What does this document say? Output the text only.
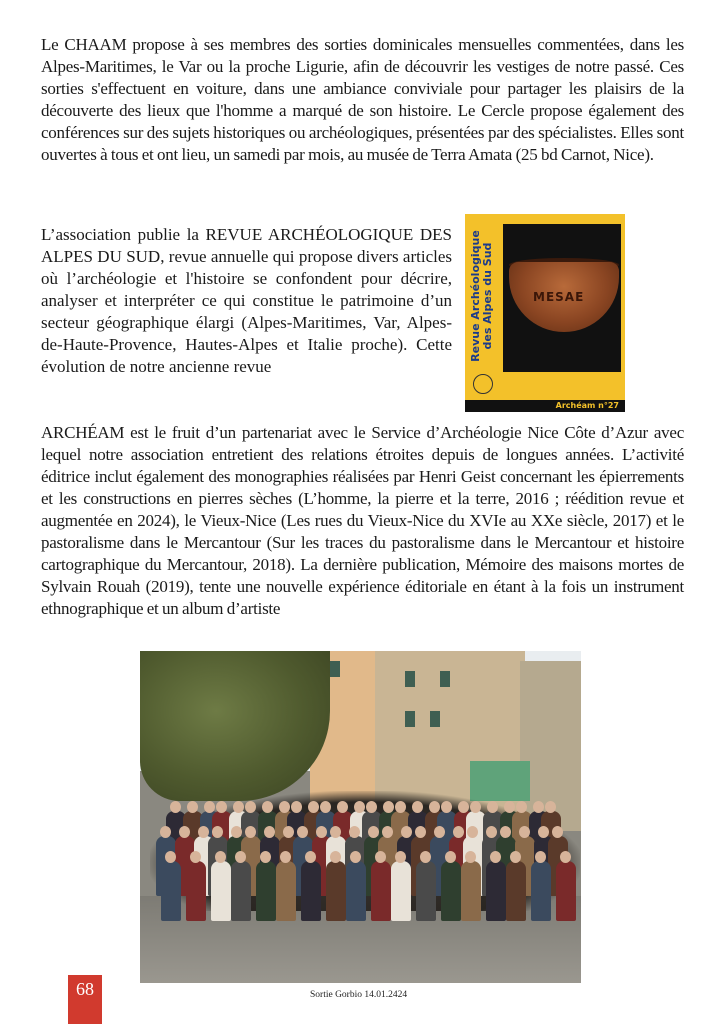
Le CHAAM propose à ses membres des sorties dominicales mensuelles commentées, dans les Alpes-Maritimes, le Var ou la proche Ligurie, afin de découvrir les vestiges de notre passé. Ces sorties s'effectuent en voiture, dans une ambiance conviviale pour partager les plaisirs de la découverte des lieux que l'homme a marqué de son histoire. Le Cercle propose également des conférences sur des sujets historiques ou archéologiques, présentées par des spécialistes. Elles sont ouvertes à tous et ont lieu, un samedi par mois, au musée de Terra Amata (25 bd Carnot, Nice).

L’association publie la REVUE ARCHÉOLOGIQUE DES ALPES DU SUD, revue annuelle qui propose divers articles où l’archéologie et l'histoire se confondent pour décrire, analyser et interpréter ce qui constitue le patrimoine d’un secteur géographique élargi (Alpes-Maritimes, Var, Alpes-de-Haute-Provence, Hautes-Alpes et Italie proche). Cette évolution de notre ancienne revue

MESAE
Revue Archéologique des Alpes du Sud
Archéam n°27

ARCHÉAM est le fruit d’un partenariat avec le Service d’Archéologie Nice Côte d’Azur avec lequel notre association entretient des relations étroites depuis de longues années. L’activité éditrice inclut également des monographies réalisées par Henri Geist concernant les épierrements et les constructions en pierres sèches (L’homme, la pierre et la terre, 2016 ; réédition revue et augmentée en 2024), le Vieux-Nice (Les rues du Vieux-Nice du XVIe au XXe siècle, 2017) et le pastoralisme dans le Mercantour (Sur les traces du pastoralisme dans le Mercantour et histoire cartographique du Mercantour, 2018). La dernière publication, Mémoire des maisons mortes de Sylvain Rouah (2019), tente une nouvelle expérience éditoriale en étant à la fois un instrument ethnographique et un album d’artiste

Sortie Gorbio 14.01.2424
68
